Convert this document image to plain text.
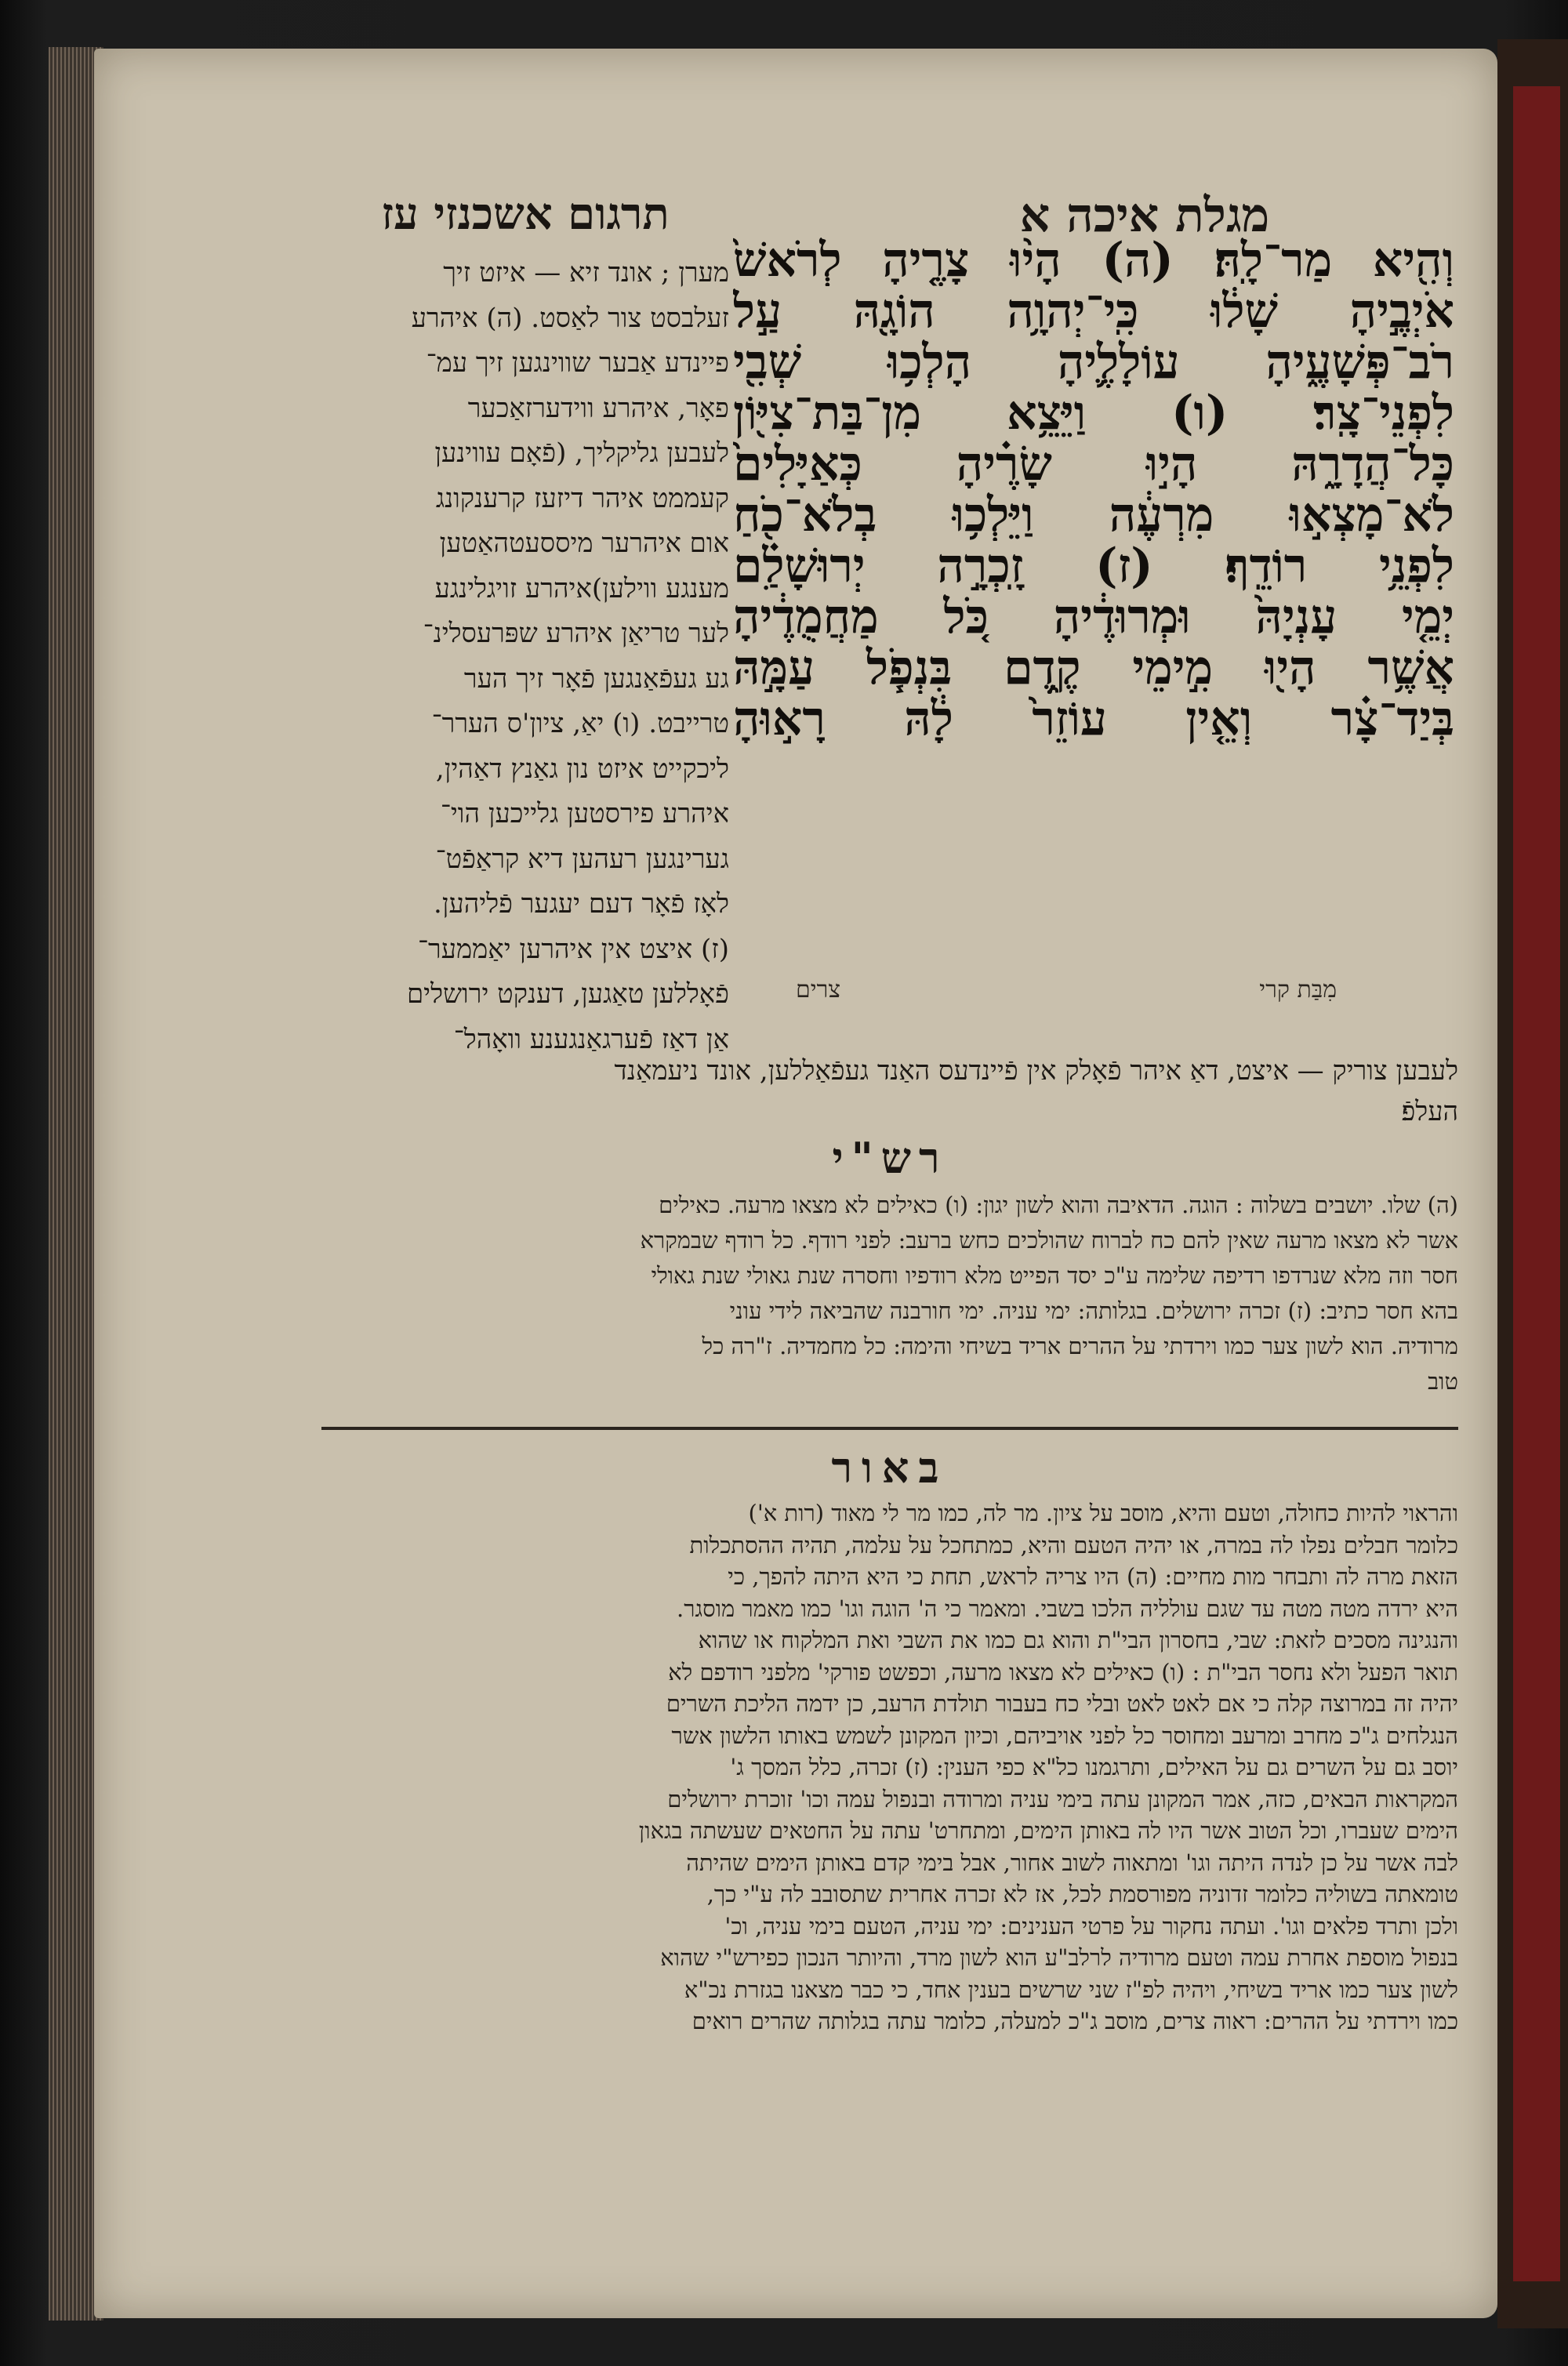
מגלת איכה א
תרגום אשכנזי עז
וְהִ֖יא מַר־לָֽהּ׃ (ה) הָי֨וּ צָרֶ֤יהָ לְרֹאשׁ֙
אֹיְבֶ֣יהָ שָׁל֔וּ כִּֽי־יְהוָ֥ה הוֹגָ֖הּ עַ֣ל
רֹב־פְּשָׁעֶ֑יהָ עוֹלָלֶ֛יהָ הָלְכ֥וּ שְׁבִ֖י
לִפְנֵי־צָֽר׃ (ו) וַיֵּצֵ֥א מִן־בַּת־צִיּ֖וֹן
כָּל־הֲדָרָ֑הּ הָי֣וּ שָׂרֶ֗יהָ כְּאַיָּלִים֙
לֹא־מָצְא֣וּ מִרְעֶ֔ה וַיֵּלְכ֥וּ בְלֹא־כֹ֖חַ
לִפְנֵ֥י רוֹדֵֽף׃ (ז) זָֽכְרָ֣ה יְרוּשָׁלִַ֗ם
יְמֵ֤י עָנְיָהּ֙ וּמְרוּדֶ֔יהָ כֹּ֚ל מַחֲמֻדֶ֔יהָ
אֲשֶׁ֥ר הָי֖וּ מִ֣ימֵי קֶ֑דֶם בִּנְפֹ֧ל עַמָּ֣הּ
בְּיַד־צָ֗ר וְאֵ֤ין עוֹזֵר֙ לָ֔הּ רָא֣וּהָ
מִבַּת קרי
צרים

מערן ; אונד זיא — איזט זיך

זעלבסט צור לאַסט. (ה) איהרע

פיינדע אַבער שווינגען זיך עמ־

פאָר, איהרע ווידערזאַכער

לעבען גליקליך, (פֿאָם עווינען

קעממט איהר דיזעז קרענקונג

אום איהרער מיססעטהאַטען

מענגע ווילען)איהרע זויגלינגע

לער טריאַן איהרע שפּרעסלינ־

גע געפֿאַנגען פֿאָר זיך הער

טרייבט. (ו) יאַ, ציון'ס הערר־

ליכקייט איזט נון גאַנץ דאַהין,

איהרע פירסטען גלייכען הוי־

גערינגען רעהען דיא קראַפֿט־

לאָז פֿאָר דעם יעגער פֿליהען.

(ז) איצט אין איהרען יאַממער־

פֿאָללען טאַגען, דענקט ירושלים

אַן דאַז פֿערגאַנגענע וואָהל־

לעבען צוריק — איצט, דאַ איהר פֿאָלק אין פֿיינדעס האַנד געפֿאַללען, אונד ניעמאַנד
העלפֿ׃
רש"י
(ה) שלו. יושבים בשלוה : הוגה. הדאיבה והוא לשון יגון: (ו) כאילים לא מצאו מרעה. כאילים
אשר לא מצאו מרעה שאין להם כח לברוח שהולכים כחש ברעב: לפני רודף. כל רודף שבמקרא
חסר וזה מלא שנרדפו רדיפה שלימה ע"כ יסד הפייט מלא רודפיו וחסרה שנת גאולי שנת גאולי
בהא חסר כתיב: (ז) זכרה ירושלים. בגלותה: ימי עניה. ימי חורבנה שהביאה לידי עוני
מרודיה. הוא לשון צער כמו וירדתי על ההרים אריד בשיחי והימה: כל מחמדיה. ז"רה כל
טוב
באור
והראוי להיות כחולה, וטעם והיא, מוסב על ציון. מר לה, כמו מר לי מאוד (רות א')
כלומר חבלים נפלו לה במרה, או יהיה הטעם והיא, כמתחכל על עלמה, תהיה ההסתכלות
הזאת מרה לה ותבחר מות מחיים: (ה) היו צריה לראש, תחת כי היא היתה להפך, כי
היא ירדה מטה מטה עד שגם עולליה הלכו בשבי. ומאמר כי ה' הוגה וגו' כמו מאמר מוסגר.
והנגינה מסכים לזאת: שבי, בחסרון הבי"ת והוא גם כמו את השבי ואת המלקוח או שהוא
תואר הפעל ולא נחסר הבי"ת : (ו) כאילים לא מצאו מרעה, וכפשט פורקי' מלפני רודפם לא
יהיה זה במרוצה קלה כי אם לאט לאט ובלי כח בעבור תולדת הרעב, כן ידמה הליכת השרים
הנגלחים ג"כ מחרב ומרעב ומחוסר כל לפני אויביהם, וכיון המקונן לשמש באותו הלשון אשר
יוסב גם על השרים גם על האילים, ותרגמנו כל"א כפי הענין: (ז) זכרה, כלל המסך ג'
המקראות הבאים, כזה, אמר המקונן עתה בימי עניה ומרודה ובנפול עמה וכו' זוכרת ירושלים
הימים שעברו, וכל הטוב אשר היו לה באותן הימים, ומתחרט' עתה על החטאים שעשתה בגאון
לבה אשר על כן לנדה היתה וגו' ומתאוה לשוב אחור, אבל בימי קדם באותן הימים שהיתה
טומאתה בשוליה כלומר זדוניה מפורסמת לכל, אז לא זכרה אחרית שתסובב לה ע"י כך,
ולכן ותרד פלאים וגו'. ועתה נחקור על פרטי הענינים: ימי עניה, הטעם בימי עניה, וכ'
בנפול מוספת אחרת עמה וטעם מרודיה לרלב"ע הוא לשון מרד, והיותר הנכון כפירש"י שהוא
לשון צער כמו אריד בשיחי, ויהיה לפ"ז שני שרשים בענין אחד, כי כבר מצאנו בגזרת נכ"א
כמו וירדתי על ההרים: ראוה צרים, מוסב ג"כ למעלה, כלומר עתה בגלותה שהרים רואים
